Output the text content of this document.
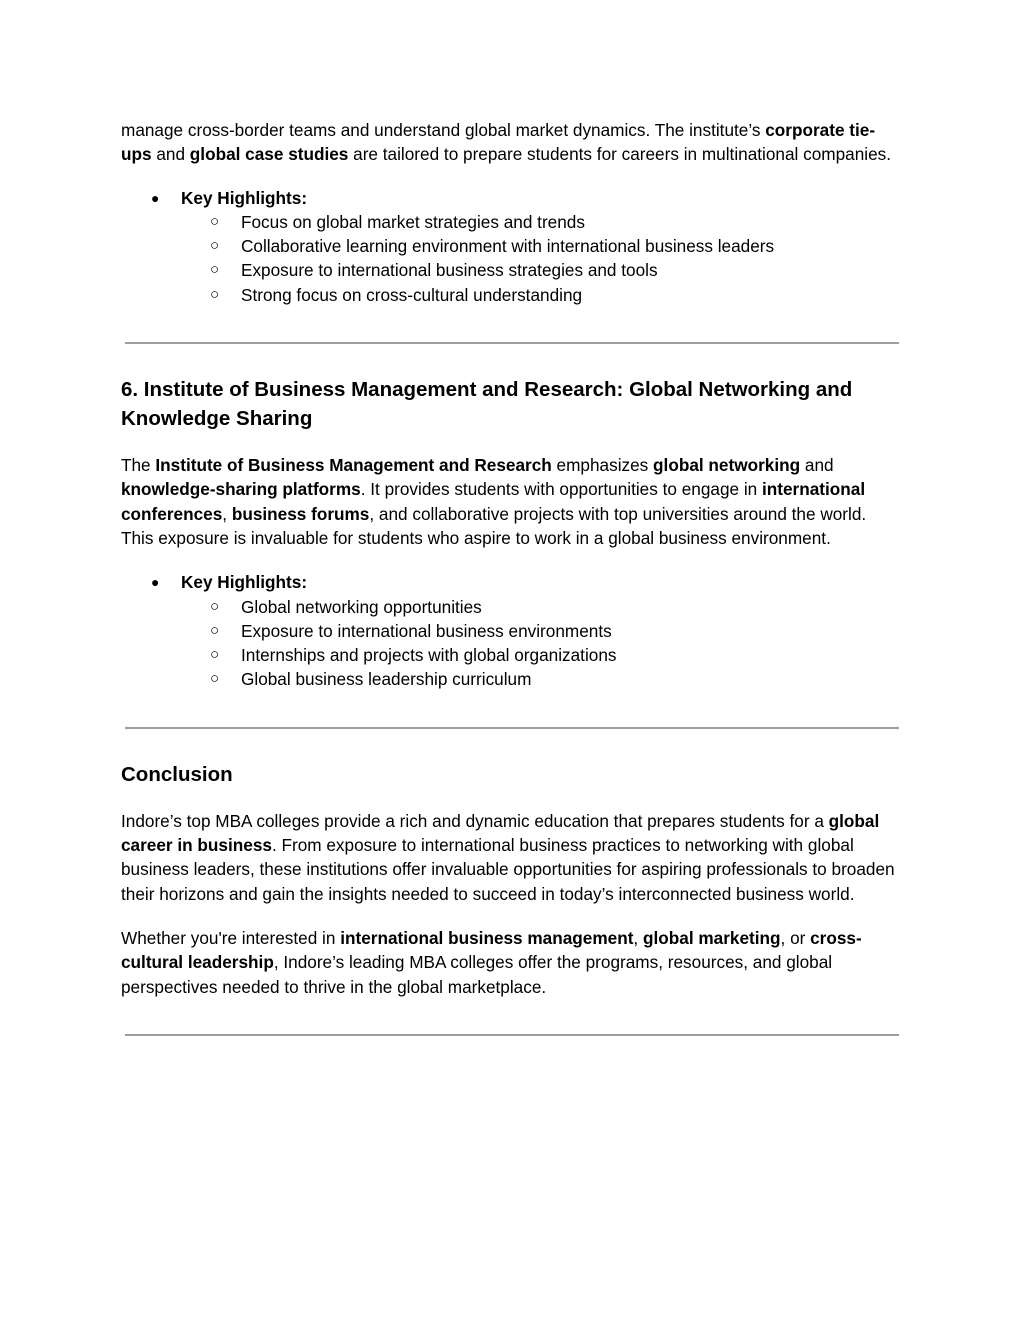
manage cross-border teams and understand global market dynamics. The institute’s corporate tie-ups and global case studies are tailored to prepare students for careers in multinational companies.

● Key Highlights:
○ Focus on global market strategies and trends
○ Collaborative learning environment with international business leaders
○ Exposure to international business strategies and tools
○ Strong focus on cross-cultural understanding
6. Institute of Business Management and Research: Global Networking and Knowledge Sharing

The Institute of Business Management and Research emphasizes global networking and knowledge-sharing platforms. It provides students with opportunities to engage in international conferences, business forums, and collaborative projects with top universities around the world. This exposure is invaluable for students who aspire to work in a global business environment.

● Key Highlights:
○ Global networking opportunities
○ Exposure to international business environments
○ Internships and projects with global organizations
○ Global business leadership curriculum
Conclusion

Indore’s top MBA colleges provide a rich and dynamic education that prepares students for a global career in business. From exposure to international business practices to networking with global business leaders, these institutions offer invaluable opportunities for aspiring professionals to broaden their horizons and gain the insights needed to succeed in today’s interconnected business world.

Whether you're interested in international business management, global marketing, or cross-cultural leadership, Indore’s leading MBA colleges offer the programs, resources, and global perspectives needed to thrive in the global marketplace.
